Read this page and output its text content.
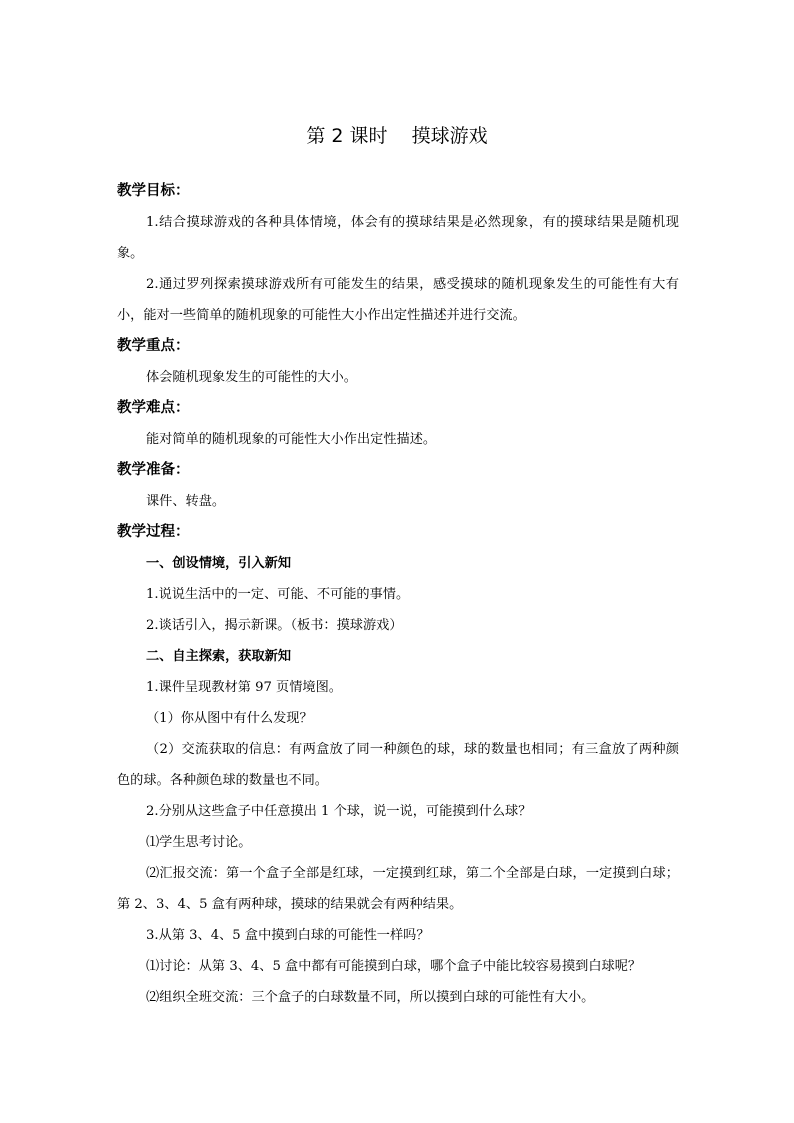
第 2 课时    摸球游戏

教学目标：

1.结合摸球游戏的各种具体情境，体会有的摸球结果是必然现象，有的摸球结果是随机现象。

2.通过罗列探索摸球游戏所有可能发生的结果，感受摸球的随机现象发生的可能性有大有小，能对一些简单的随机现象的可能性大小作出定性描述并进行交流。

教学重点：

体会随机现象发生的可能性的大小。

教学难点：

能对简单的随机现象的可能性大小作出定性描述。

教学准备：

课件、转盘。

教学过程：

一、创设情境，引入新知

1.说说生活中的一定、可能、不可能的事情。

2.谈话引入，揭示新课。（板书：摸球游戏）

二、自主探索，获取新知

1.课件呈现教材第 97 页情境图。

（1）你从图中有什么发现？

（2）交流获取的信息：有两盒放了同一种颜色的球，球的数量也相同；有三盒放了两种颜色的球。各种颜色球的数量也不同。

2.分别从这些盒子中任意摸出 1 个球，说一说，可能摸到什么球？

⑴学生思考讨论。

⑵汇报交流：第一个盒子全部是红球，一定摸到红球，第二个全部是白球，一定摸到白球；第 2、3、4、5 盒有两种球，摸球的结果就会有两种结果。

3.从第 3、4、5 盒中摸到白球的可能性一样吗？

⑴讨论：从第 3、4、5 盒中都有可能摸到白球，哪个盒子中能比较容易摸到白球呢？

⑵组织全班交流：三个盒子的白球数量不同，所以摸到白球的可能性有大小。
